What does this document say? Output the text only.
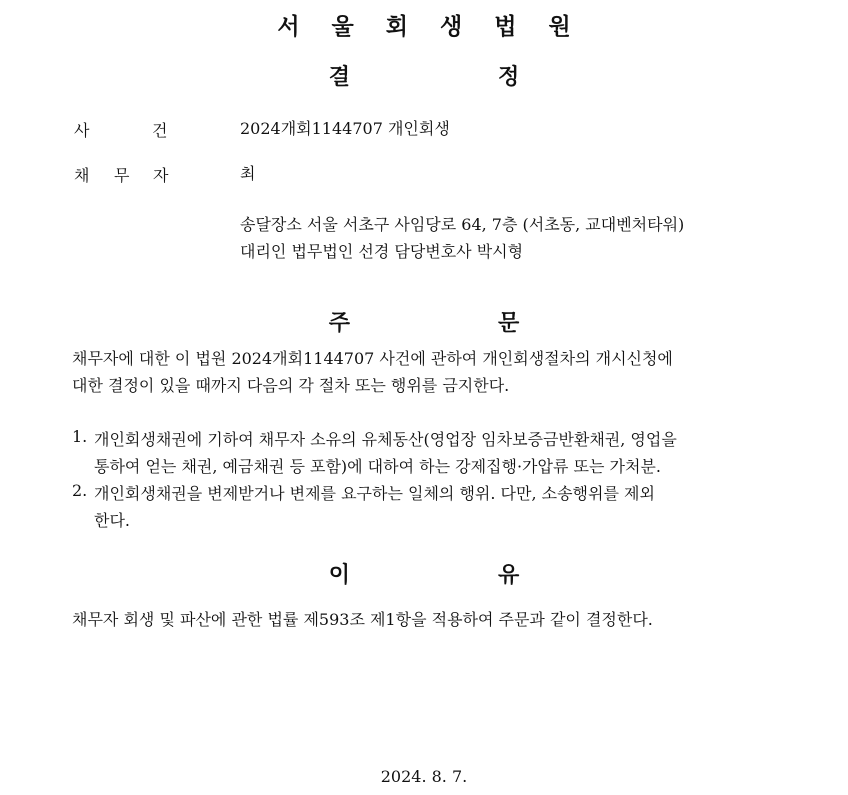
서 울 회 생 법 원
결	정
사	건	2024개회1144707 개인회생
채 무 자	최
송달장소 서울 서초구 사임당로 64, 7층 (서초동, 교대벤처타워)
대리인 법무법인 선경 담당변호사 박시형
주	문
채무자에 대한 이 법원 2024개회1144707 사건에 관하여 개인회생절차의 개시신청에
대한 결정이 있을 때까지 다음의 각 절차 또는 행위를 금지한다.
1. 개인회생채권에 기하여 채무자 소유의 유체동산(영업장 임차보증금반환채권, 영업을
통하여 얻는 채권, 예금채권 등 포함)에 대하여 하는 강제집행·가압류 또는 가처분.
2. 개인회생채권을 변제받거나 변제를 요구하는 일체의 행위. 다만, 소송행위를 제외
한다.
이	유
채무자 회생 및 파산에 관한 법률 제593조 제1항을 적용하여 주문과 같이 결정한다.
2024. 8. 7.
